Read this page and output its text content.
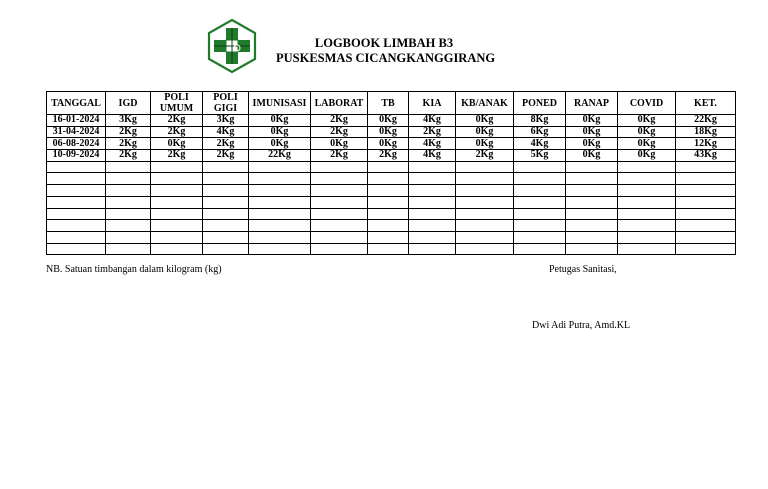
LOGBOOK LIMBAH B3
PUSKESMAS CICANGKANGGIRANG
TANGGAL	IGD	POLI UMUM	POLI GIGI	IMUNISASI	LABORAT	TB	KIA	KB/ANAK	PONED	RANAP	COVID	KET.
16-01-2024	3Kg	2Kg	3Kg	0Kg	2Kg	0Kg	4Kg	0Kg	8Kg	0Kg	0Kg	22Kg
31-04-2024	2Kg	2Kg	4Kg	0Kg	2Kg	0Kg	2Kg	0Kg	6Kg	0Kg	0Kg	18Kg
06-08-2024	2Kg	0Kg	2Kg	0Kg	0Kg	0Kg	4Kg	0Kg	4Kg	0Kg	0Kg	12Kg
10-09-2024	2Kg	2Kg	2Kg	22Kg	2Kg	2Kg	4Kg	2Kg	5Kg	0Kg	0Kg	43Kg

NB. Satuan timbangan dalam kilogram (kg)	Petugas Sanitasi,
Dwi Adi Putra, Amd.KL
